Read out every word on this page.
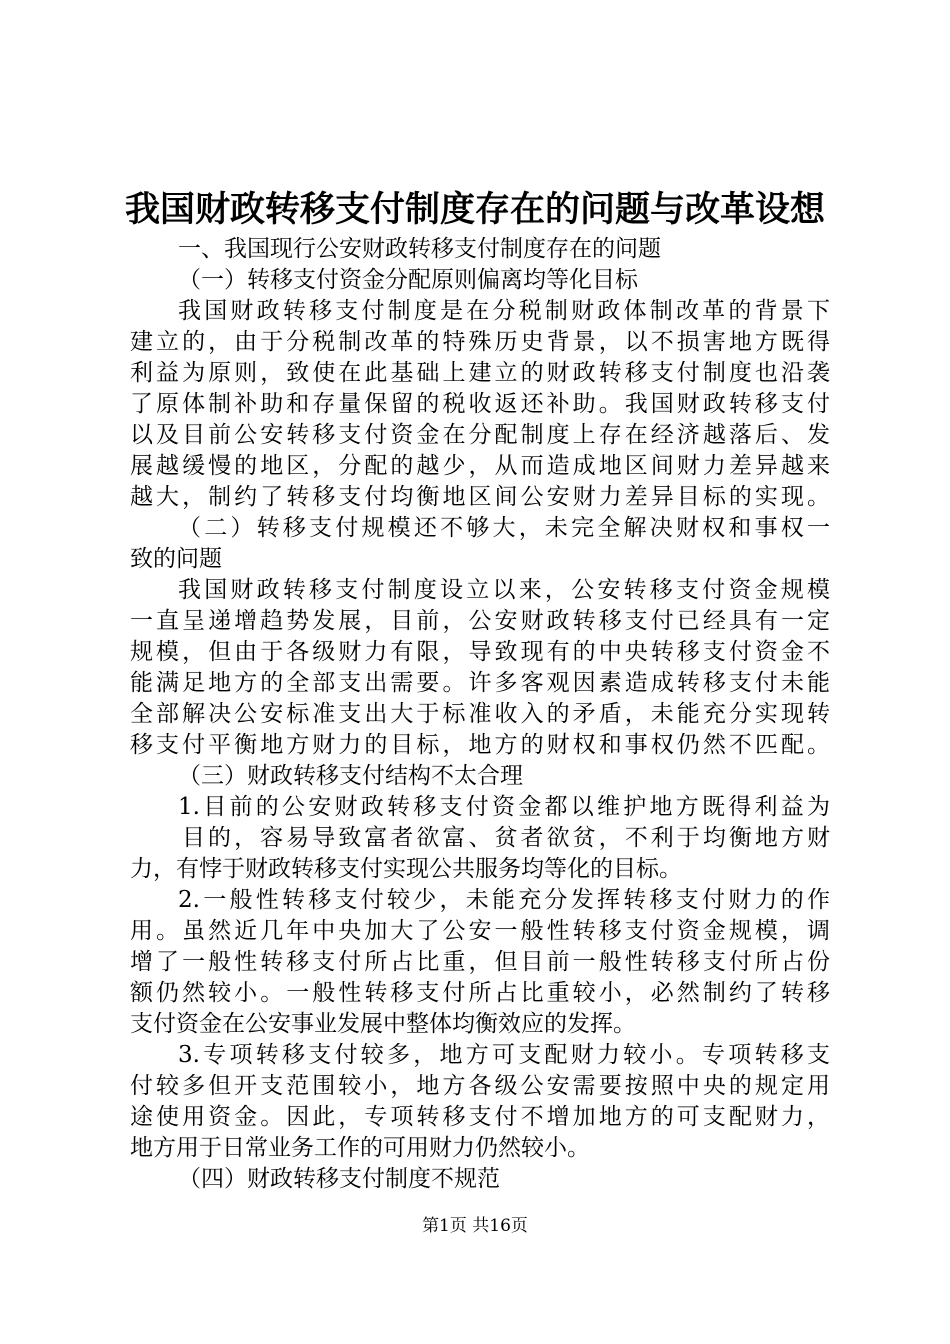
我国财政转移支付制度存在的问题与改革设想
一、我国现行公安财政转移支付制度存在的问题
（一）转移支付资金分配原则偏离均等化目标
我国财政转移支付制度是在分税制财政体制改革的背景下
建立的，由于分税制改革的特殊历史背景，以不损害地方既得
利益为原则，致使在此基础上建立的财政转移支付制度也沿袭
了原体制补助和存量保留的税收返还补助。我国财政转移支付
以及目前公安转移支付资金在分配制度上存在经济越落后、发
展越缓慢的地区，分配的越少，从而造成地区间财力差异越来
越大，制约了转移支付均衡地区间公安财力差异目标的实现。
（二）转移支付规模还不够大，未完全解决财权和事权一
致的问题
我国财政转移支付制度设立以来，公安转移支付资金规模
一直呈递增趋势发展，目前，公安财政转移支付已经具有一定
规模，但由于各级财力有限，导致现有的中央转移支付资金不
能满足地方的全部支出需要。许多客观因素造成转移支付未能
全部解决公安标准支出大于标准收入的矛盾，未能充分实现转
移支付平衡地方财力的目标，地方的财权和事权仍然不匹配。
（三）财政转移支付结构不太合理
1.目前的公安财政转移支付资金都以维护地方既得利益为
目的，容易导致富者欲富、贫者欲贫，不利于均衡地方财
力，有悖于财政转移支付实现公共服务均等化的目标。
2.一般性转移支付较少，未能充分发挥转移支付财力的作
用。虽然近几年中央加大了公安一般性转移支付资金规模，调
增了一般性转移支付所占比重，但目前一般性转移支付所占份
额仍然较小。一般性转移支付所占比重较小，必然制约了转移
支付资金在公安事业发展中整体均衡效应的发挥。
3.专项转移支付较多，地方可支配财力较小。专项转移支
付较多但开支范围较小，地方各级公安需要按照中央的规定用
途使用资金。因此，专项转移支付不增加地方的可支配财力，
地方用于日常业务工作的可用财力仍然较小。
（四）财政转移支付制度不规范
第1页 共16页
